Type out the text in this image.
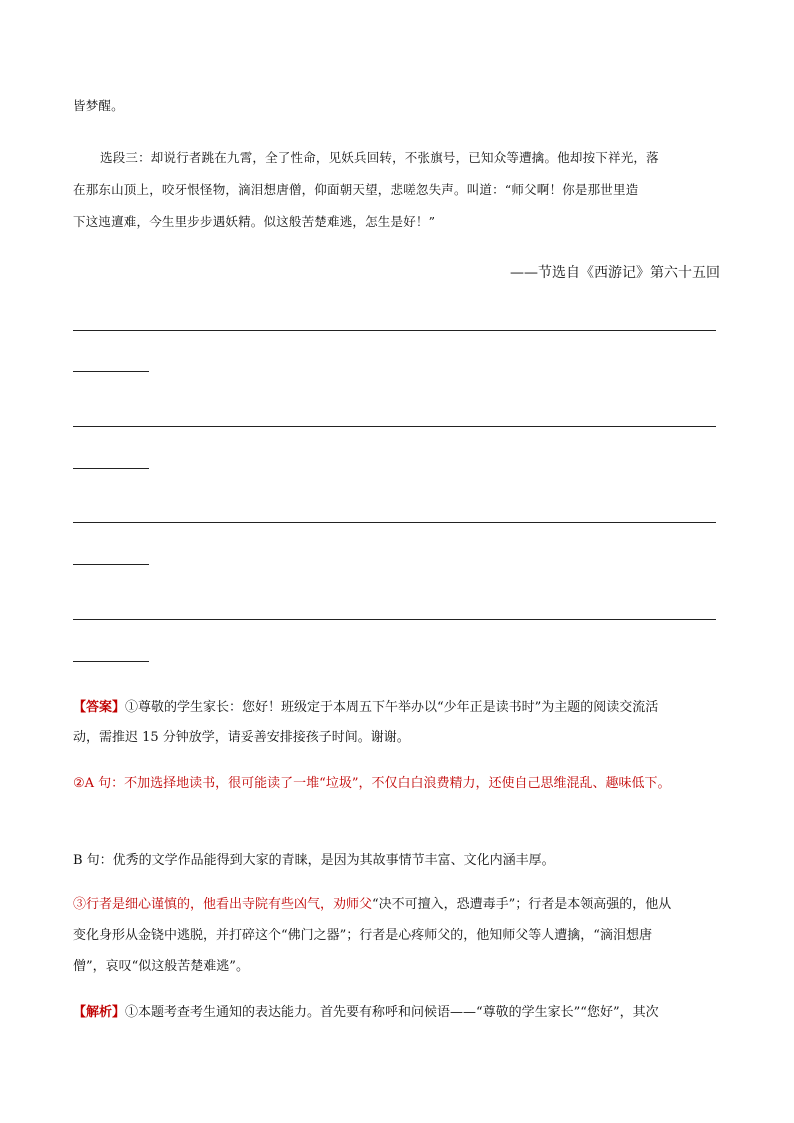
皆梦醒。
选段三：却说行者跳在九霄，全了性命，见妖兵回转，不张旗号，已知众等遭擒。他却按下祥光，落
在那东山顶上，咬牙恨怪物，滴泪想唐僧，仰面朝天望，悲嗟忽失声。叫道：“师父啊！你是那世里造
下这迍邅难，今生里步步遇妖精。似这般苦楚难逃，怎生是好！”
——节选自《西游记》第六十五回
【答案】①尊敬的学生家长：您好！班级定于本周五下午举办以“少年正是读书时”为主题的阅读交流活
动，需推迟 15 分钟放学，请妥善安排接孩子时间。谢谢。
②A 句：不加选择地读书，很可能读了一堆“垃圾”，不仅白白浪费精力，还使自己思维混乱、趣味低下。
B 句：优秀的文学作品能得到大家的青睐，是因为其故事情节丰富、文化内涵丰厚。
③行者是细心谨慎的，他看出寺院有些凶气，劝师父“决不可擅入，恐遭毒手”；行者是本领高强的，他从
变化身形从金铙中逃脱，并打碎这个“佛门之器”；行者是心疼师父的，他知师父等人遭擒，“滴泪想唐
僧”，哀叹“似这般苦楚难逃”。
【解析】①本题考查考生通知的表达能力。首先要有称呼和问候语——“尊敬的学生家长”“您好”，其次
